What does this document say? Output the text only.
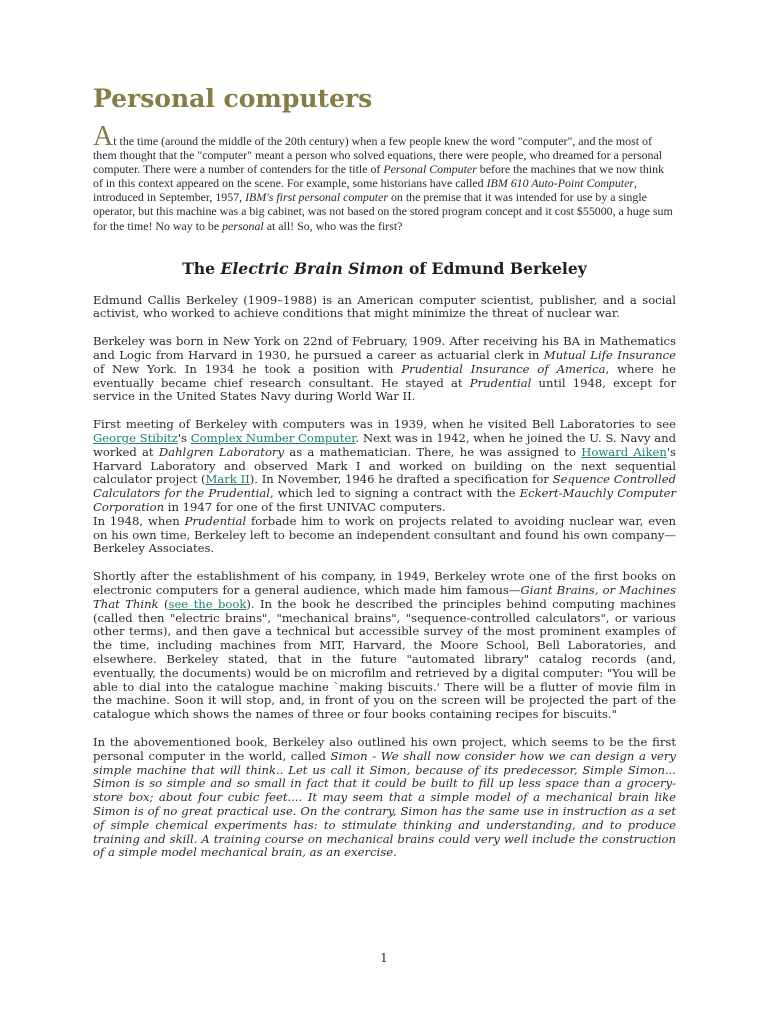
Personal computers

At the time (around the middle of the 20th century) when a few people knew the word "computer", and the most of them thought that the "computer" meant a person who solved equations, there were people, who dreamed for a personal computer. There were a number of contenders for the title of Personal Computer before the machines that we now think of in this context appeared on the scene. For example, some historians have called IBM 610 Auto-Point Computer, introduced in September, 1957, IBM's first personal computer on the premise that it was intended for use by a single operator, but this machine was a big cabinet, was not based on the stored program concept and it cost $55000, a huge sum for the time! No way to be personal at all! So, who was the first?

The Electric Brain Simon of Edmund Berkeley

Edmund Callis Berkeley (1909–1988) is an American computer scientist, publisher, and a social activist, who worked to achieve conditions that might minimize the threat of nuclear war.

Berkeley was born in New York on 22nd of February, 1909. After receiving his BA in Mathematics and Logic from Harvard in 1930, he pursued a career as actuarial clerk in Mutual Life Insurance of New York. In 1934 he took a position with Prudential Insurance of America, where he eventually became chief research consultant. He stayed at Prudential until 1948, except for service in the United States Navy during World War II.

First meeting of Berkeley with computers was in 1939, when he visited Bell Laboratories to see George Stibitz's Complex Number Computer. Next was in 1942, when he joined the U. S. Navy and worked at Dahlgren Laboratory as a mathematician. There, he was assigned to Howard Aiken's Harvard Laboratory and observed Mark I and worked on building on the next sequential calculator project (Mark II). In November, 1946 he drafted a specification for Sequence Controlled Calculators for the Prudential, which led to signing a contract with the Eckert-Mauchly Computer Corporation in 1947 for one of the first UNIVAC computers.
In 1948, when Prudential forbade him to work on projects related to avoiding nuclear war, even on his own time, Berkeley left to become an independent consultant and found his own company—Berkeley Associates.

Shortly after the establishment of his company, in 1949, Berkeley wrote one of the first books on electronic computers for a general audience, which made him famous—Giant Brains, or Machines That Think (see the book). In the book he described the principles behind computing machines (called then "electric brains", "mechanical brains", "sequence-controlled calculators", or various other terms), and then gave a technical but accessible survey of the most prominent examples of the time, including machines from MIT, Harvard, the Moore School, Bell Laboratories, and elsewhere. Berkeley stated, that in the future "automated library" catalog records (and, eventually, the documents) would be on microfilm and retrieved by a digital computer: "You will be able to dial into the catalogue machine `making biscuits.' There will be a flutter of movie film in the machine. Soon it will stop, and, in front of you on the screen will be projected the part of the catalogue which shows the names of three or four books containing recipes for biscuits."

In the abovementioned book, Berkeley also outlined his own project, which seems to be the first personal computer in the world, called Simon - We shall now consider how we can design a very simple machine that will think.. Let us call it Simon, because of its predecessor, Simple Simon... Simon is so simple and so small in fact that it could be built to fill up less space than a grocery-store box; about four cubic feet.... It may seem that a simple model of a mechanical brain like Simon is of no great practical use. On the contrary, Simon has the same use in instruction as a set of simple chemical experiments has: to stimulate thinking and understanding, and to produce training and skill. A training course on mechanical brains could very well include the construction of a simple model mechanical brain, as an exercise.

1
